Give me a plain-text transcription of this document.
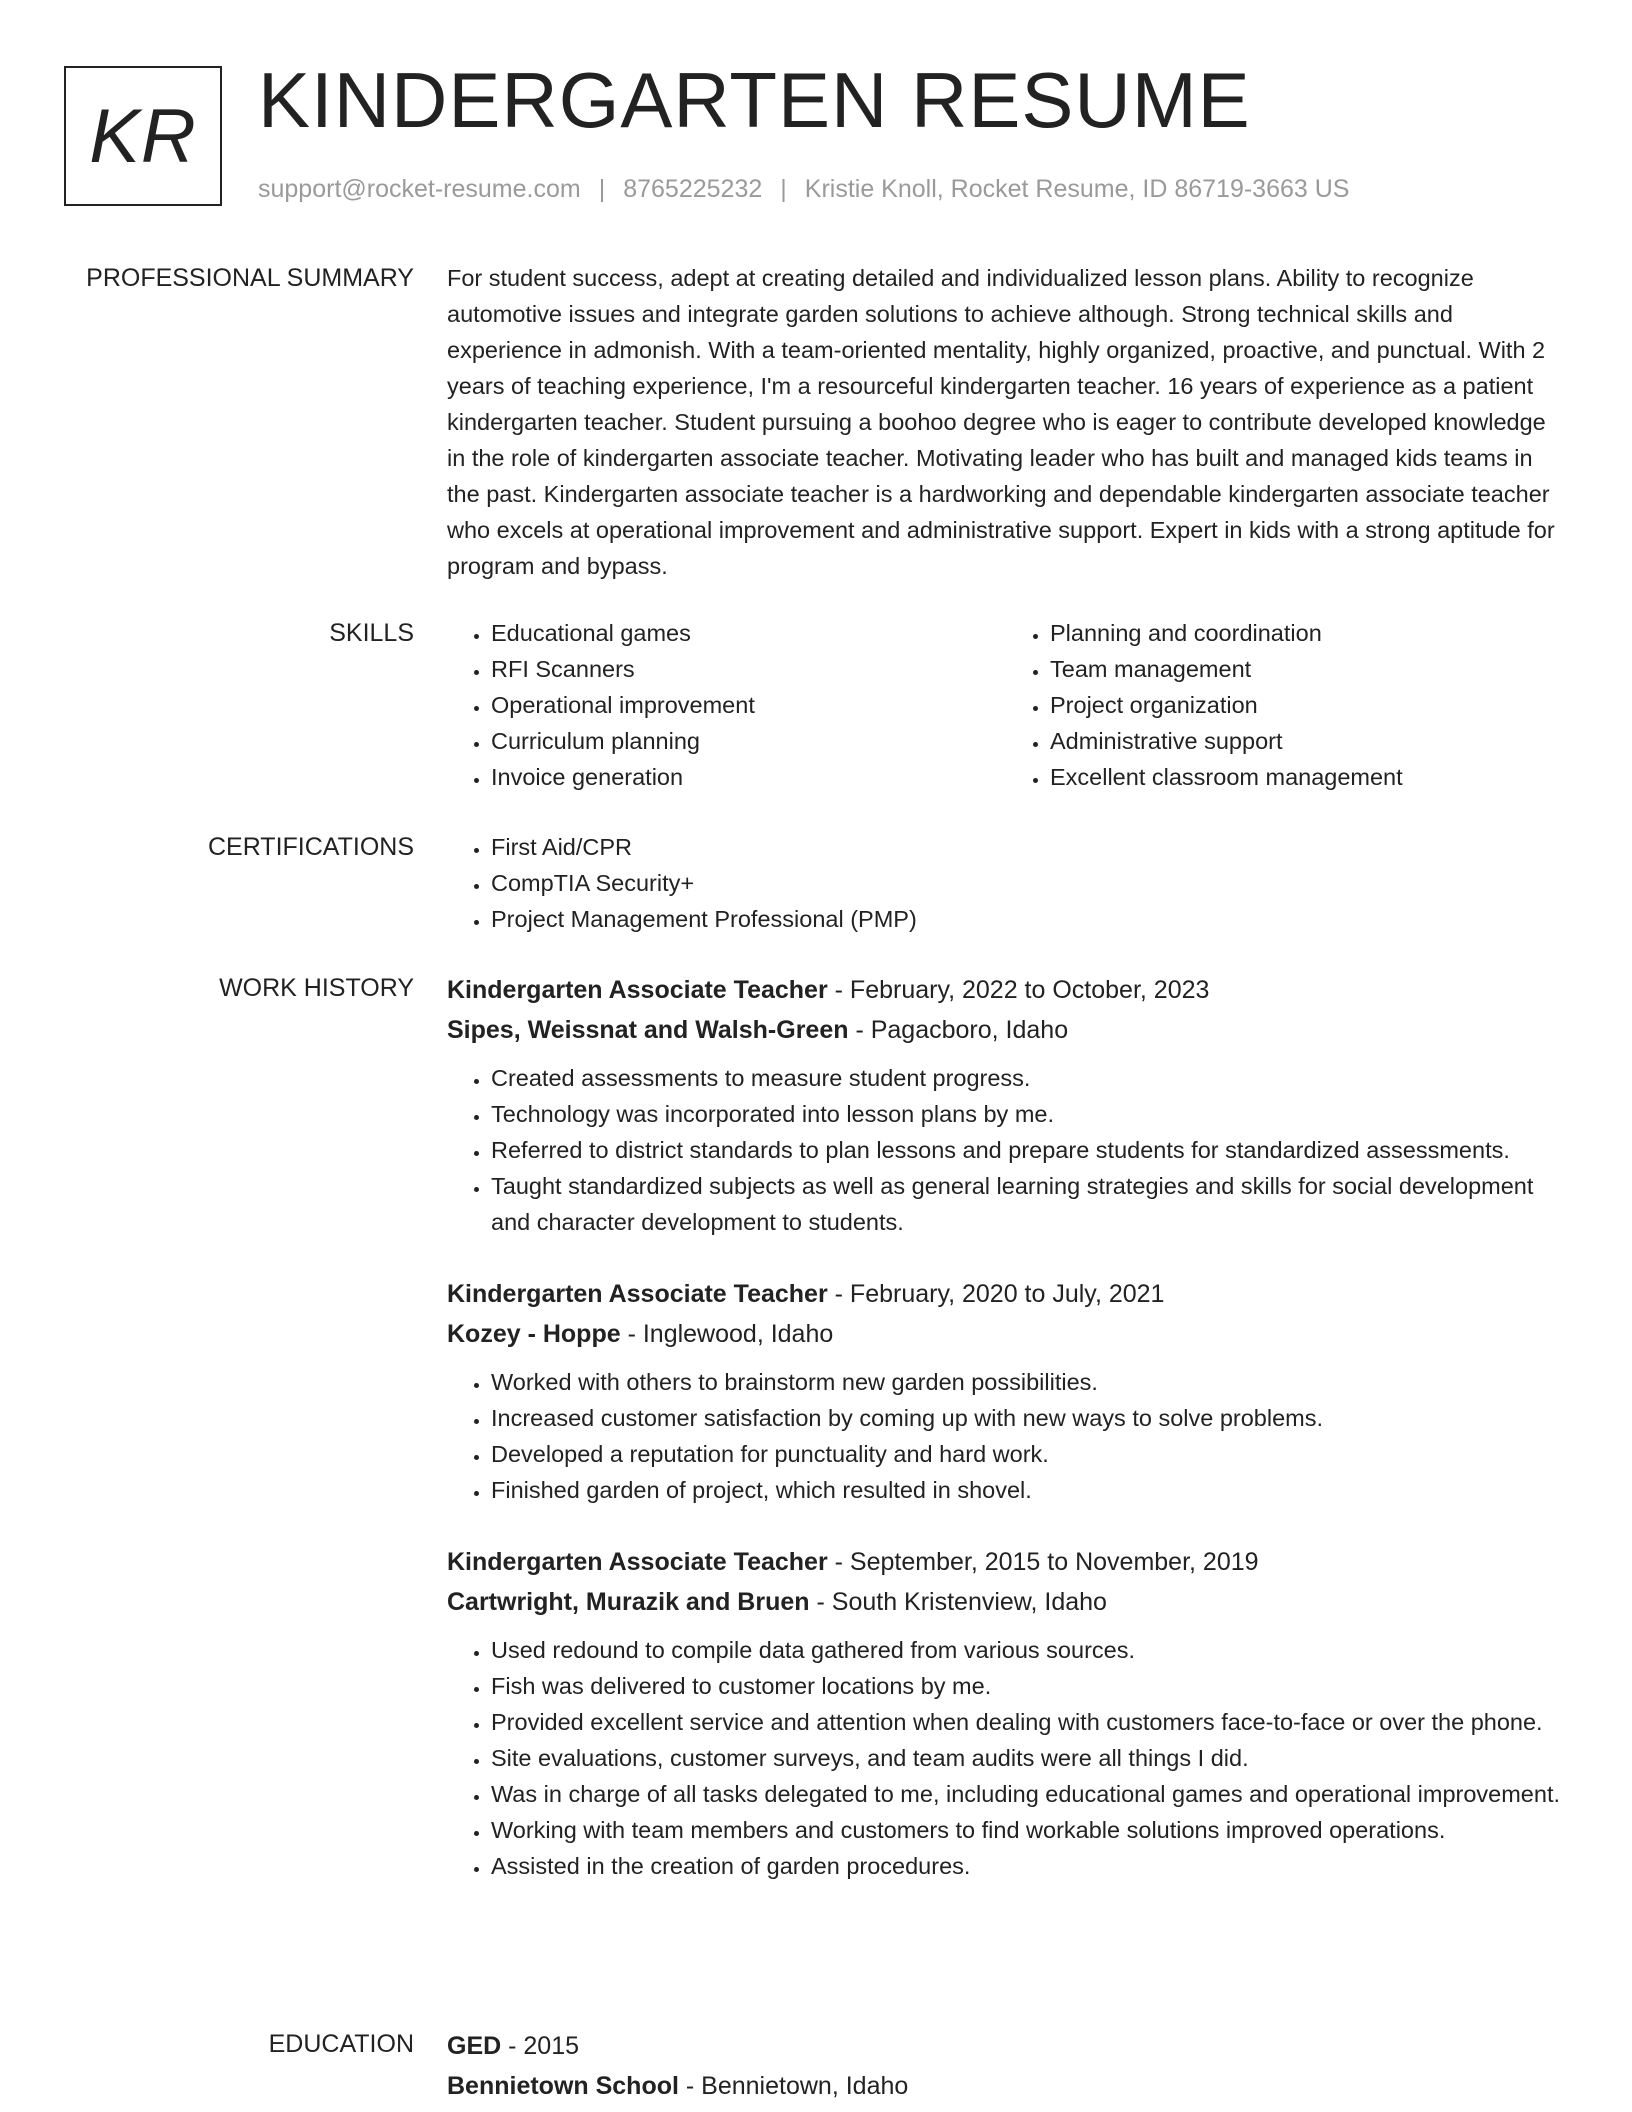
KR KINDERGARTEN RESUME
support@rocket-resume.com | 8765225232 | Kristie Knoll, Rocket Resume, ID 86719-3663 US
PROFESSIONAL SUMMARY For student success, adept at creating detailed and individualized lesson plans. Ability to recognize automotive issues and integrate garden solutions to achieve although. Strong technical skills and experience in admonish. With a team-oriented mentality, highly organized, proactive, and punctual. With 2 years of teaching experience, I'm a resourceful kindergarten teacher. 16 years of experience as a patient kindergarten teacher. Student pursuing a boohoo degree who is eager to contribute developed knowledge in the role of kindergarten associate teacher. Motivating leader who has built and managed kids teams in the past. Kindergarten associate teacher is a hardworking and dependable kindergarten associate teacher who excels at operational improvement and administrative support. Expert in kids with a strong aptitude for program and bypass.

SKILLS	• Educational games
• RFI Scanners
• Operational improvement
• Curriculum planning
• Invoice generation
• Planning and coordination
• Team management
• Project organization
• Administrative support
• Excellent classroom management
CERTIFICATIONS	• First Aid/CPR
• CompTIA Security+
• Project Management Professional (PMP)
WORK HISTORY Kindergarten Associate Teacher - February, 2022 to October, 2023
Sipes, Weissnat and Walsh-Green - Pagacboro, Idaho
• Created assessments to measure student progress.
• Technology was incorporated into lesson plans by me.
• Referred to district standards to plan lessons and prepare students for standardized assessments.
• Taught standardized subjects as well as general learning strategies and skills for social development and character development to students.
Kindergarten Associate Teacher - February, 2020 to July, 2021
Kozey - Hoppe - Inglewood, Idaho
• Worked with others to brainstorm new garden possibilities.
• Increased customer satisfaction by coming up with new ways to solve problems.
• Developed a reputation for punctuality and hard work.
• Finished garden of project, which resulted in shovel.
Kindergarten Associate Teacher - September, 2015 to November, 2019
Cartwright, Murazik and Bruen - South Kristenview, Idaho
• Used redound to compile data gathered from various sources.
• Fish was delivered to customer locations by me.
• Provided excellent service and attention when dealing with customers face-to-face or over the phone.
• Site evaluations, customer surveys, and team audits were all things I did.
• Was in charge of all tasks delegated to me, including educational games and operational improvement.
• Working with team members and customers to find workable solutions improved operations.
• Assisted in the creation of garden procedures.
EDUCATION GED - 2015
Bennietown School - Bennietown, Idaho
